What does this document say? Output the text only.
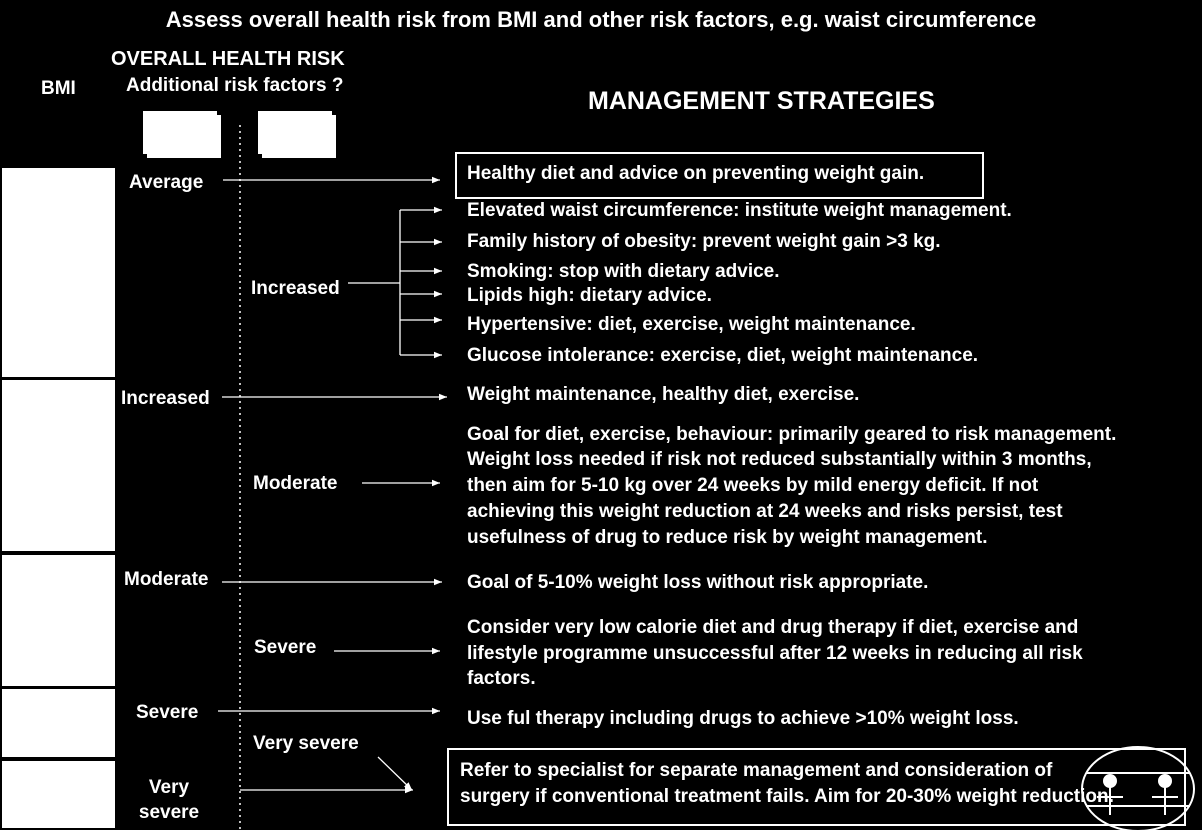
Assess overall health risk from BMI and other risk factors, e.g. waist circumference
OVERALL HEALTH RISK
Additional risk factors ?
BMI	MANAGEMENT STRATEGIES
Average
Increased
Moderate
Severe
Very severe
Increased
Moderate
Severe
Very severe
Healthy diet and advice on preventing weight gain.
Elevated waist circumference: institute weight management.
Family history of obesity: prevent weight gain >3 kg.
Smoking: stop with dietary advice.
Lipids high: dietary advice.
Hypertensive: diet, exercise, weight maintenance.
Glucose intolerance: exercise, diet, weight maintenance.
Weight maintenance, healthy diet, exercise.
Goal for diet, exercise, behaviour: primarily geared to risk management.
Weight loss needed if risk not reduced substantially within 3 months,
then aim for 5-10 kg over 24 weeks by mild energy deficit. If not
achieving this weight reduction at 24 weeks and risks persist, test
usefulness of drug to reduce risk by weight management.
Goal of 5-10% weight loss without risk appropriate.
Consider very low calorie diet and drug therapy if diet, exercise and
lifestyle programme unsuccessful after 12 weeks in reducing all risk
factors.
Use ful therapy including drugs to achieve >10% weight loss.
Refer to specialist for separate management and consideration of
surgery if conventional treatment fails. Aim for 20-30% weight reduction.
